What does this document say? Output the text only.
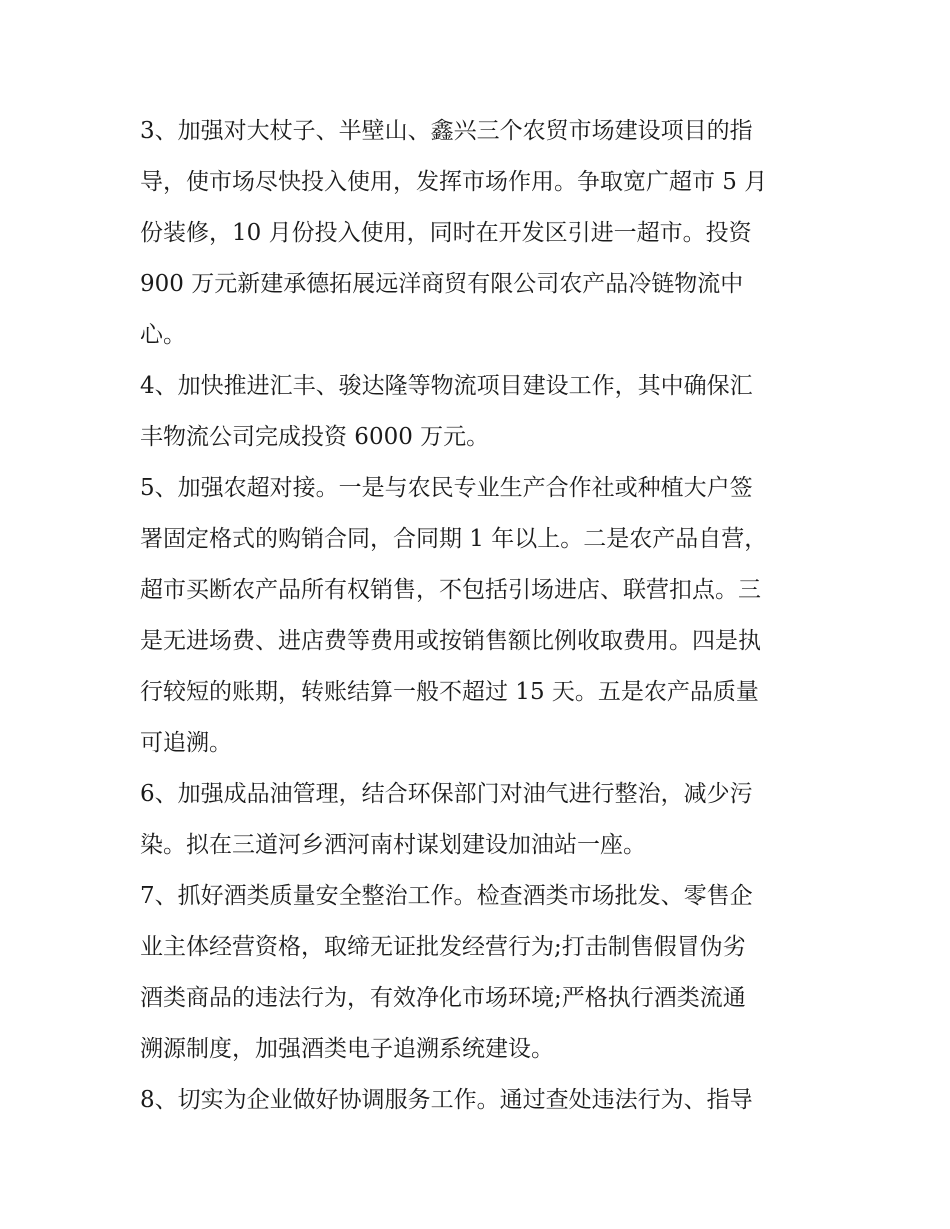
3、加强对大杖子、半壁山、鑫兴三个农贸市场建设项目的指
导，使市场尽快投入使用，发挥市场作用。争取宽广超市 5 月
份装修，10 月份投入使用，同时在开发区引进一超市。投资
900 万元新建承德拓展远洋商贸有限公司农产品冷链物流中
心。
4、加快推进汇丰、骏达隆等物流项目建设工作，其中确保汇
丰物流公司完成投资 6000 万元。
5、加强农超对接。一是与农民专业生产合作社或种植大户签
署固定格式的购销合同，合同期 1 年以上。二是农产品自营，
超市买断农产品所有权销售，不包括引场进店、联营扣点。三
是无进场费、进店费等费用或按销售额比例收取费用。四是执
行较短的账期，转账结算一般不超过 15 天。五是农产品质量
可追溯。
6、加强成品油管理，结合环保部门对油气进行整治，减少污
染。拟在三道河乡洒河南村谋划建设加油站一座。
7、抓好酒类质量安全整治工作。检查酒类市场批发、零售企
业主体经营资格，取缔无证批发经营行为;打击制售假冒伪劣
酒类商品的违法行为，有效净化市场环境;严格执行酒类流通
溯源制度，加强酒类电子追溯系统建设。
8、切实为企业做好协调服务工作。通过查处违法行为、指导
